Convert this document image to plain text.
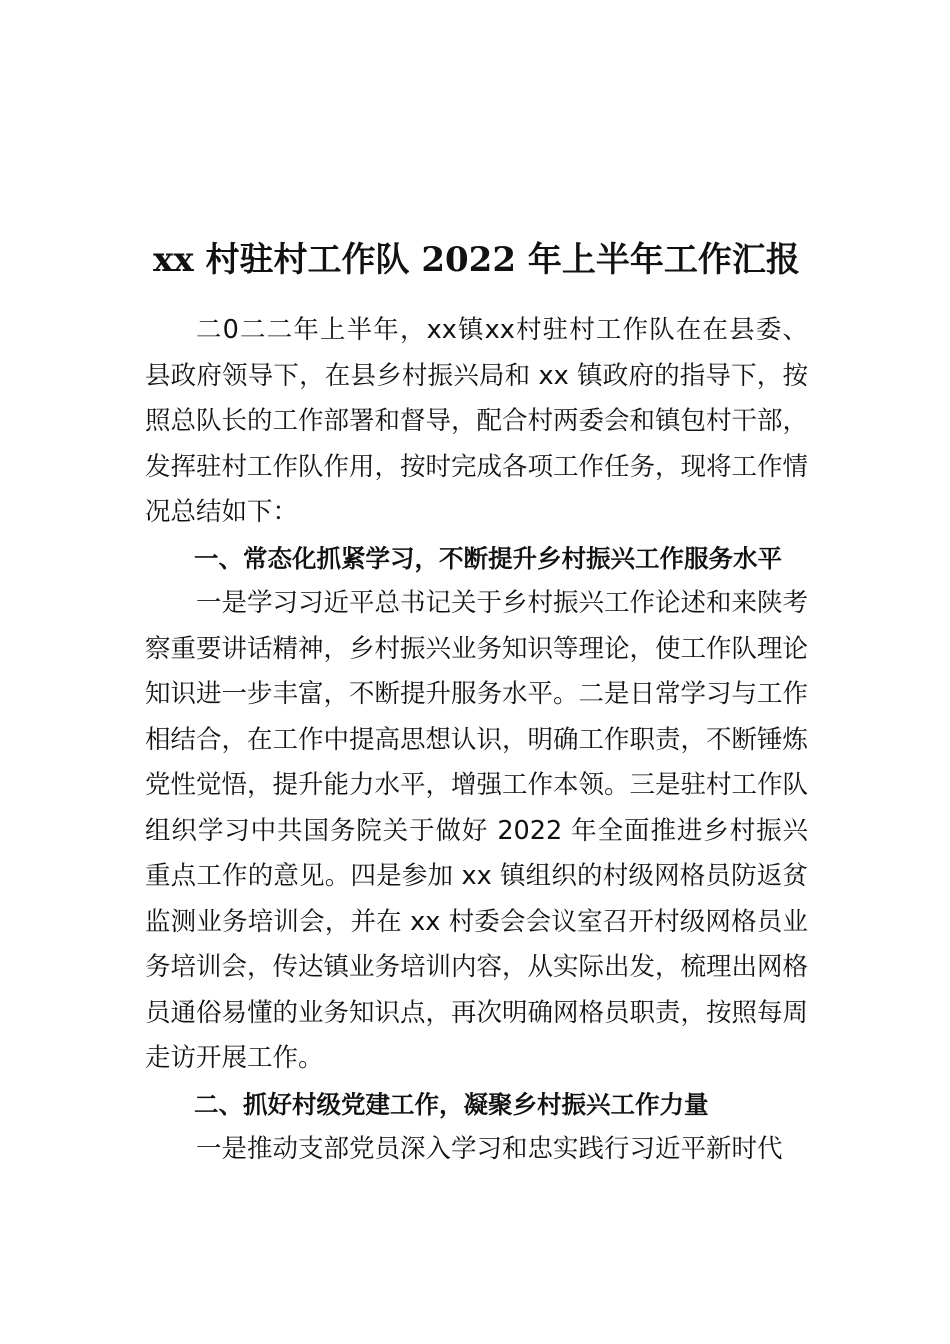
xx 村驻村工作队 2022 年上半年工作汇报

二0二二年上半年，xx镇xx村驻村工作队在在县委、县政府领导下，在县乡村振兴局和 xx 镇政府的指导下，按照总队长的工作部署和督导，配合村两委会和镇包村干部，发挥驻村工作队作用，按时完成各项工作任务，现将工作情况总结如下：

一、常态化抓紧学习，不断提升乡村振兴工作服务水平

一是学习习近平总书记关于乡村振兴工作论述和来陕考察重要讲话精神，乡村振兴业务知识等理论，使工作队理论知识进一步丰富，不断提升服务水平。二是日常学习与工作相结合，在工作中提高思想认识，明确工作职责，不断锤炼党性觉悟，提升能力水平，增强工作本领。三是驻村工作队组织学习中共国务院关于做好 2022 年全面推进乡村振兴重点工作的意见。四是参加 xx 镇组织的村级网格员防返贫监测业务培训会，并在 xx 村委会会议室召开村级网格员业务培训会，传达镇业务培训内容，从实际出发，梳理出网格员通俗易懂的业务知识点，再次明确网格员职责，按照每周走访开展工作。

二、抓好村级党建工作，凝聚乡村振兴工作力量

一是推动支部党员深入学习和忠实践行习近平新时代
